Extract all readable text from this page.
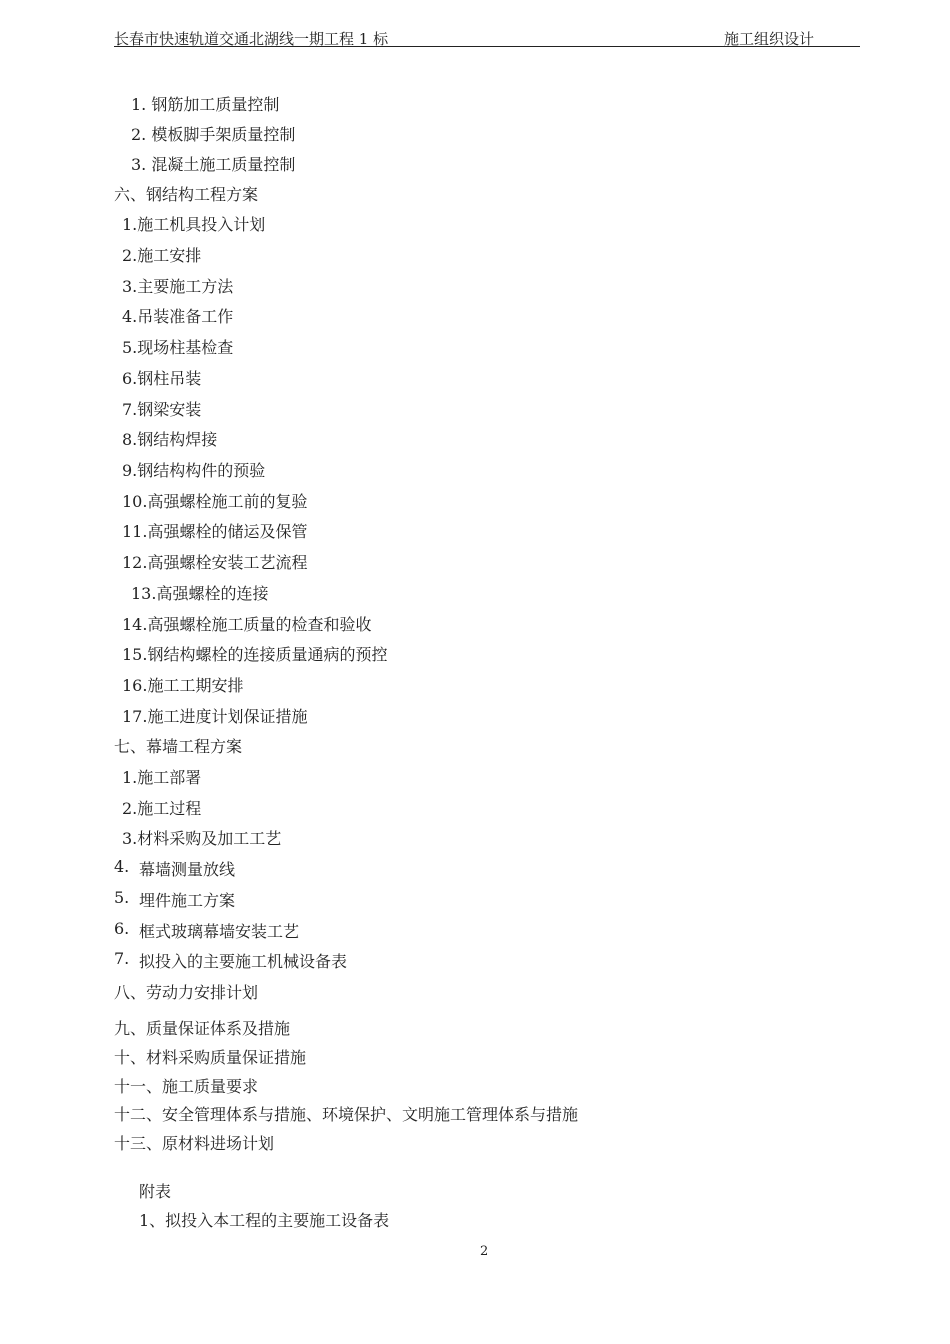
长春市快速轨道交通北湖线一期工程 1 标	施工组织设计
1. 钢筋加工质量控制
2. 模板脚手架质量控制
3. 混凝土施工质量控制
六、钢结构工程方案
1.施工机具投入计划
2.施工安排
3.主要施工方法
4.吊装准备工作
5.现场柱基检查
6.钢柱吊装
7.钢梁安装
8.钢结构焊接
9.钢结构构件的预验
10.高强螺栓施工前的复验
11.高强螺栓的储运及保管
12.高强螺栓安装工艺流程
13.高强螺栓的连接
14.高强螺栓施工质量的检查和验收
15.钢结构螺栓的连接质量通病的预控
16.施工工期安排
17.施工进度计划保证措施
七、幕墙工程方案
1.施工部署
2.施工过程
3.材料采购及加工工艺
4. 幕墙测量放线
5. 埋件施工方案
6. 框式玻璃幕墙安装工艺
7. 拟投入的主要施工机械设备表
八、劳动力安排计划
九、质量保证体系及措施
十、材料采购质量保证措施
十一、施工质量要求
十二、安全管理体系与措施、环境保护、文明施工管理体系与措施
十三、原材料进场计划
附表
1、拟投入本工程的主要施工设备表
2
